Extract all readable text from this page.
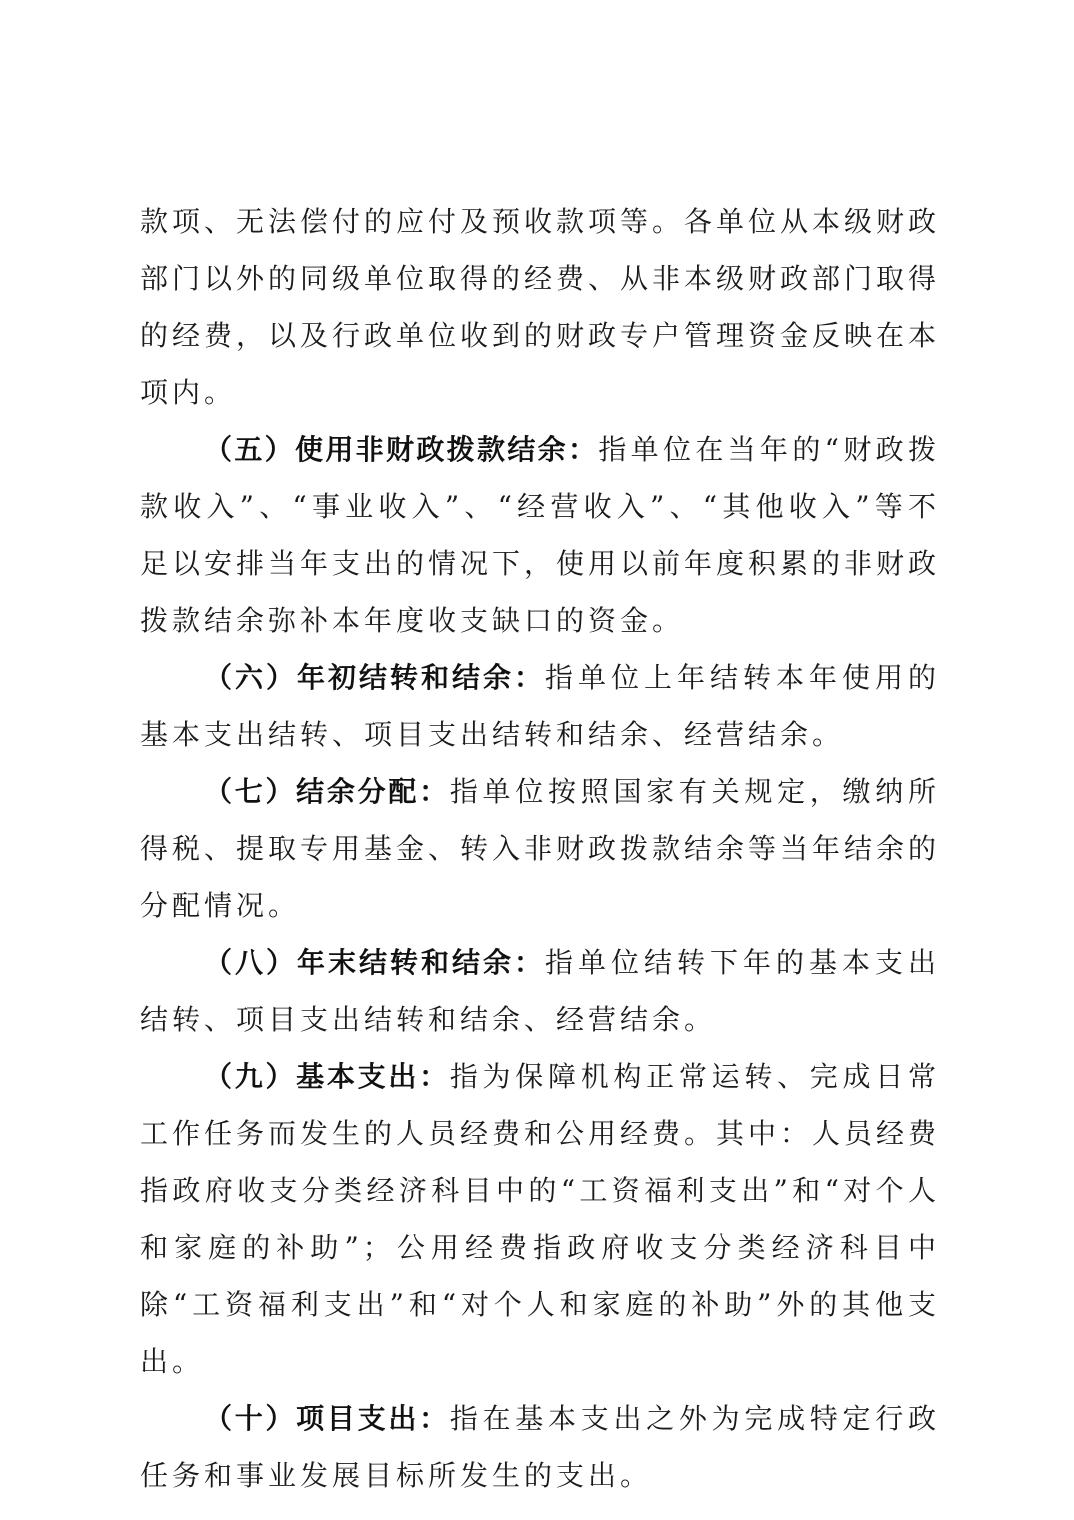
款项、无法偿付的应付及预收款项等。各单位从本级财政部门以外的同级单位取得的经费、从非本级财政部门取得的经费，以及行政单位收到的财政专户管理资金反映在本项内。

（五）使用非财政拨款结余：指单位在当年的“财政拨款收入”、“事业收入”、“经营收入”、“其他收入”等不足以安排当年支出的情况下，使用以前年度积累的非财政拨款结余弥补本年度收支缺口的资金。

（六）年初结转和结余：指单位上年结转本年使用的基本支出结转、项目支出结转和结余、经营结余。

（七）结余分配：指单位按照国家有关规定，缴纳所得税、提取专用基金、转入非财政拨款结余等当年结余的分配情况。

（八）年末结转和结余：指单位结转下年的基本支出结转、项目支出结转和结余、经营结余。

（九）基本支出：指为保障机构正常运转、完成日常工作任务而发生的人员经费和公用经费。其中：人员经费指政府收支分类经济科目中的“工资福利支出”和“对个人和家庭的补助”；公用经费指政府收支分类经济科目中除“工资福利支出”和“对个人和家庭的补助”外的其他支出。

（十）项目支出：指在基本支出之外为完成特定行政任务和事业发展目标所发生的支出。
